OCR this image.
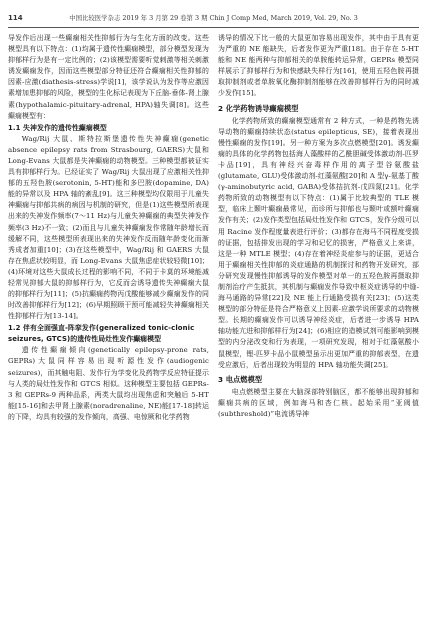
114	中国比较医学杂志 2019 年 3 月第 29 卷第 3 期 Chin J Comp Med, March 2019, Vol. 29, No. 3

导发作后出现一些癫痫相关性抑郁行为与生化方面的改变。这些模型具有以下特点：(1)均属于遗传性癫痫模型，部分模型发现为抑郁样行为是有一定比例的；(2)该模型需要听觉刺激等相关刺激诱发癫痫发作，因而这些模型部分特征还符合癫痫相关性抑郁的因素-应激(diathesis-stress)学说[1]，该学说认为发作等应激因素增加患抑郁的风险，模型的生化标记表现为下丘脑-垂体-肾上腺素(hypothalamic-pituitary-adrenal, HPA)轴失调[8]。这些癫痫模型有：

1.1 失神发作的遗传性癫痫模型

Wag/Rij 大鼠、斯特拉斯堡遗传性失神癫痫(genetic absence epilepsy rats from Strasbourg, GAERS)大鼠和 Long-Evans 大鼠都是失神癫痫的动物模型。三种模型都被证实具有抑郁样行为。已经证实了 Wag/Rij 大鼠出现了应激相关性抑郁的五羟色胺(serotonin, 5-HT)能和多巴胺(dopamine, DA)能的异常以及 HPA 轴的紊乱[9]。这三种模型均仅限用于儿童失神癫痫与抑郁共病的病因与机制的研究，但是(1)这些模型所表现出来的失神发作频率(7～11 Hz)与儿童失神癫痫的典型失神发作频率(3 Hz)不一致；(2)而且与儿童失神癫痫发作常随年龄增长而缓解不同，这些模型所表现出来的失神发作反而随年龄变化而渐秀成者加重[10]；(3)在这些模型中，Wag/Rij 和 GAERS 大鼠存在焦虑状较明显，而 Long-Evans 大鼠焦虑症状较轻微[10]；(4)环境对这些大鼠成长过程的影响不同，不同于卡莫的环境能减轻常见抑郁大鼠的抑郁样行为，它反而会诱导遗传失神癫痫大鼠的抑郁样行为[11]；(5)抗癫痫药物丙戊酸能够减少癫痫发作的同时改善抑郁样行为[12]；(6)早期照顾干预可能减轻失神癫痫相关性抑郁样行为[13-14]。

1.2 伴有全面强直-阵挛发作(generalized tonic-clonic seizures, GTCS)的遗传性局灶性发作癫痫模型

遗传性癫痫倾向(genetically epilepsy-prone rats, GEPRs)大鼠同样容易出现听源性发作(audiogenic seizures)，而其触电阻、发作行为学变化及药物学反应特征提示与人类的局灶性发作和 GTCS 相似。这种模型主要包括 GEPRs-3 和 GEPRs-9 两种品系，两类大鼠均出现焦虑和突触后 5-HT 能[15-16]和去甲肾上腺素(noradrenaline, NE)能[17-18]转运的下降，均具有较强的发作倾向，高强、电惊厥和化学药物

诱导的情况下比一般的大鼠更加容易出现发作，其中由于具有更为严重的 NE 能缺失，后者发作更为严重[18]。由于存在 5-HT 能和 NE 能两种与抑郁相关的单胺能转运异常，GEPRs 模型同样展示了抑郁样行为和快感缺失样行为[16]，使用五羟色胺再摄取抑制剂或者单胺氧化酶抑制剂能够在改善抑郁样行为的同时减少发作[15]。

2 化学药物诱导癫痫模型

化学药物所致的癫痫模型通常有 2 种方式，一种是药物先诱导动物的癫痫持续状态(status epilepticus, SE)，接着表现出慢性癫痫的发作[19]。另一种方案为多次点燃模型[20]。诱发癫痫的具体的化学药物包括海人藻酸样的乙酰胆碱受体激动剂-匹罗卡品[19]，具有神经兴奋毒样作用的离子型谷氨酸盐(glutamate, GLU)受体激动剂-红藻氨酸[20]和 A 型γ-氨基丁酸(γ-aminobutyric acid, GABA)受体拮抗剂-戊四氮[21]。化学药物所致的动物模型有以下特点：(1)属于比较典型的 TLE 模型，临床上颞叶癫痫最常见，而诊所与抑郁也与颞叶或额叶癫痫发作有关；(2)发作类型包括局灶性发作和 GTCS，发作分级可以用 Racine 发作程度量表进行评价；(3)都存在海马不同程度受损的证据，包括排发出现的学习和记忆的损害，严格意义上来讲，这是一种 MTLE 模型；(4)存在着神经炎症参与的证据，更适合用于癫痫相关性抑郁的炎症通路的机制探讨和药物开发研究，部分研究发现慢性抑郁诱导的发作模型对单一的五羟色胺再摄取抑制剂治疗产生抵抗，其机制与癫痫发作导致中枢炎症诱导的中缝-海马通路的异常[22]及 NE 能上行通路受损有关[23]；(5)这类模型的部分特征是符合严格意义上因素-应激学说所要求的动物模型。长期的癫痫发作可以诱导神经炎症，后者进一步诱导 HPA 轴功能亢进和抑郁样行为[24]；(6)相应的造模试剂可能影响到模型的内分泌改变和行为表现，一项研究发现，相对于红藻氨酸小鼠模型，锂-匹罗卡品小鼠模型虽示出更加严重的抑郁表型，在遗受应激后，后者出现较为明显的 HPA 轴功能失调[25]。

3 电点燃模型

电点燃模型主要在大脑深部特别脑区，都不能够出现抑郁和癫痫共病的区域，例如海马和杏仁核。起始采用“亚阀值(subthreshold)”电流诱导神
